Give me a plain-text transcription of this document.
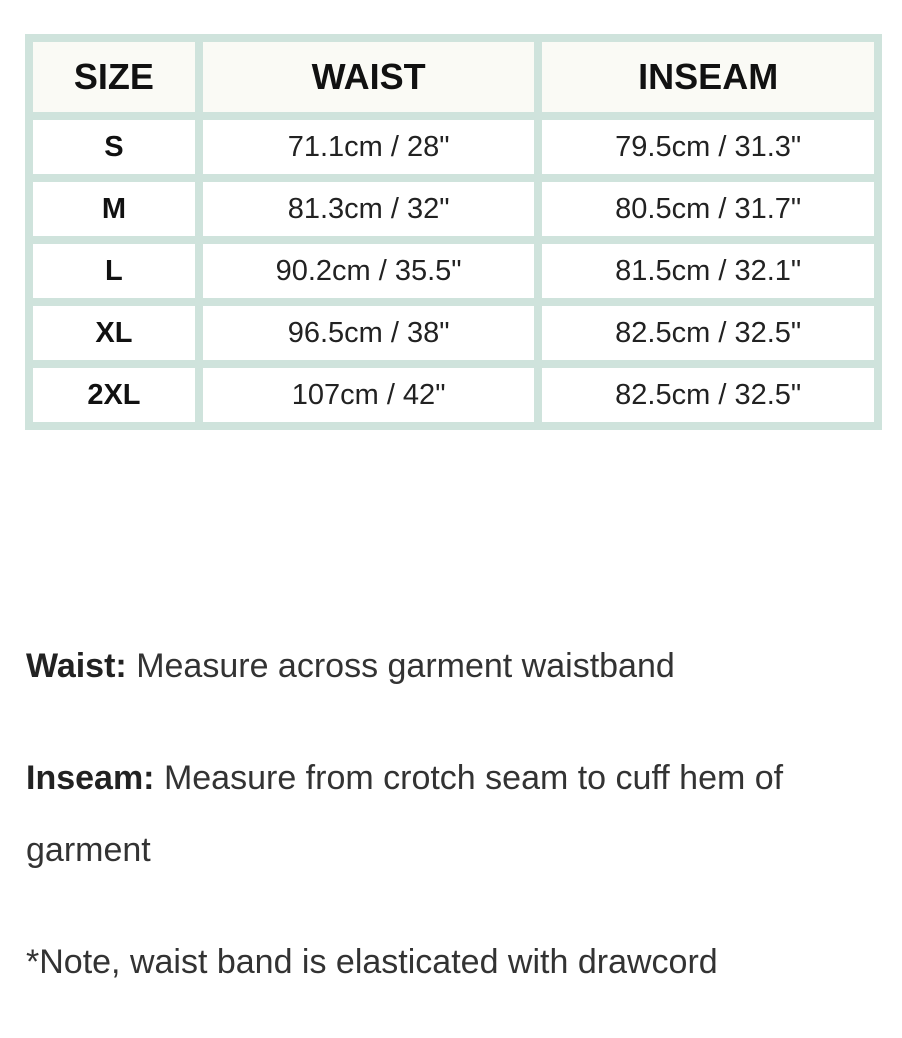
SIZE	WAIST	INSEAM
S	71.1cm / 28"	79.5cm / 31.3"
M	81.3cm / 32"	80.5cm / 31.7"
L	90.2cm / 35.5"	81.5cm / 32.1"
XL	96.5cm / 38"	82.5cm / 32.5"
2XL	107cm / 42"	82.5cm / 32.5"

Waist: Measure across garment waistband

Inseam: Measure from crotch seam to cuff hem of garment

*Note, waist band is elasticated with drawcord
